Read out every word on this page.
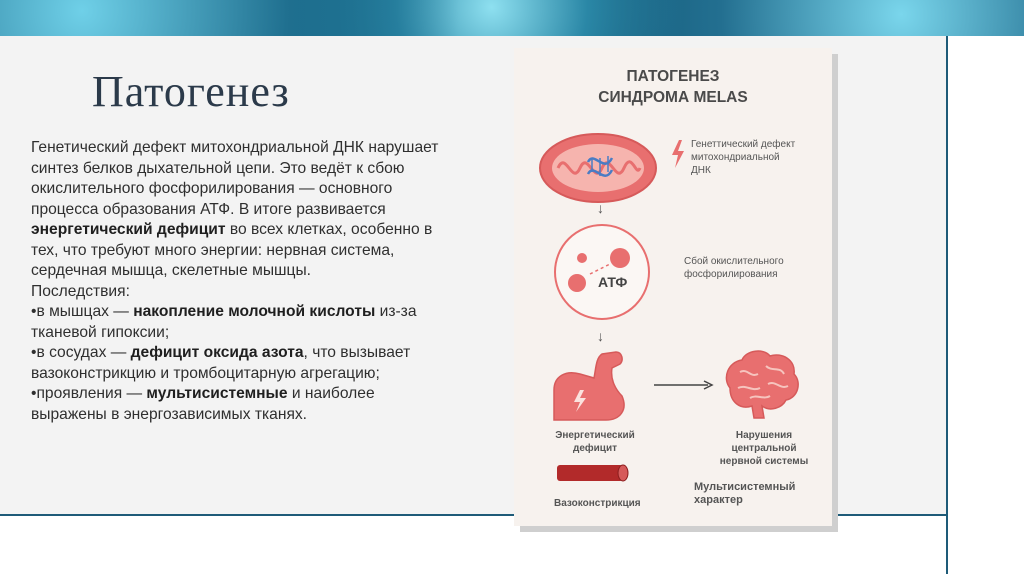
Патогенез

Генетический дефект митохондриальной ДНК нарушает синтез белков дыхательной цепи. Это ведёт к сбою окислительного фосфорилирования — основного процесса образования АТФ. В итоге развивается энергетический дефицит во всех клетках, особенно в тех, что требуют много энергии: нервная система, сердечная мышца, скелетные мышцы.

Последствия:

•в мышцах — накопление молочной кислоты из-за тканевой гипоксии;

•в сосудах — дефицит оксида азота, что вызывает вазоконстрикцию и тромбоцитарную агрегацию;

•проявления — мультисистемные и наиболее выражены в энергозависимых тканях.

ПАТОГЕНЕЗ
СИНДРОМА MELAS
Генеттический дефект
митохондриальной
ДНК
↓
АТФ
Сбой окислительного
фосфорилирования
↓
Энергетический
дефицит
Нарушения
центральной
нервной системы
Вазоконстрикция
Мультисистемный
характер
